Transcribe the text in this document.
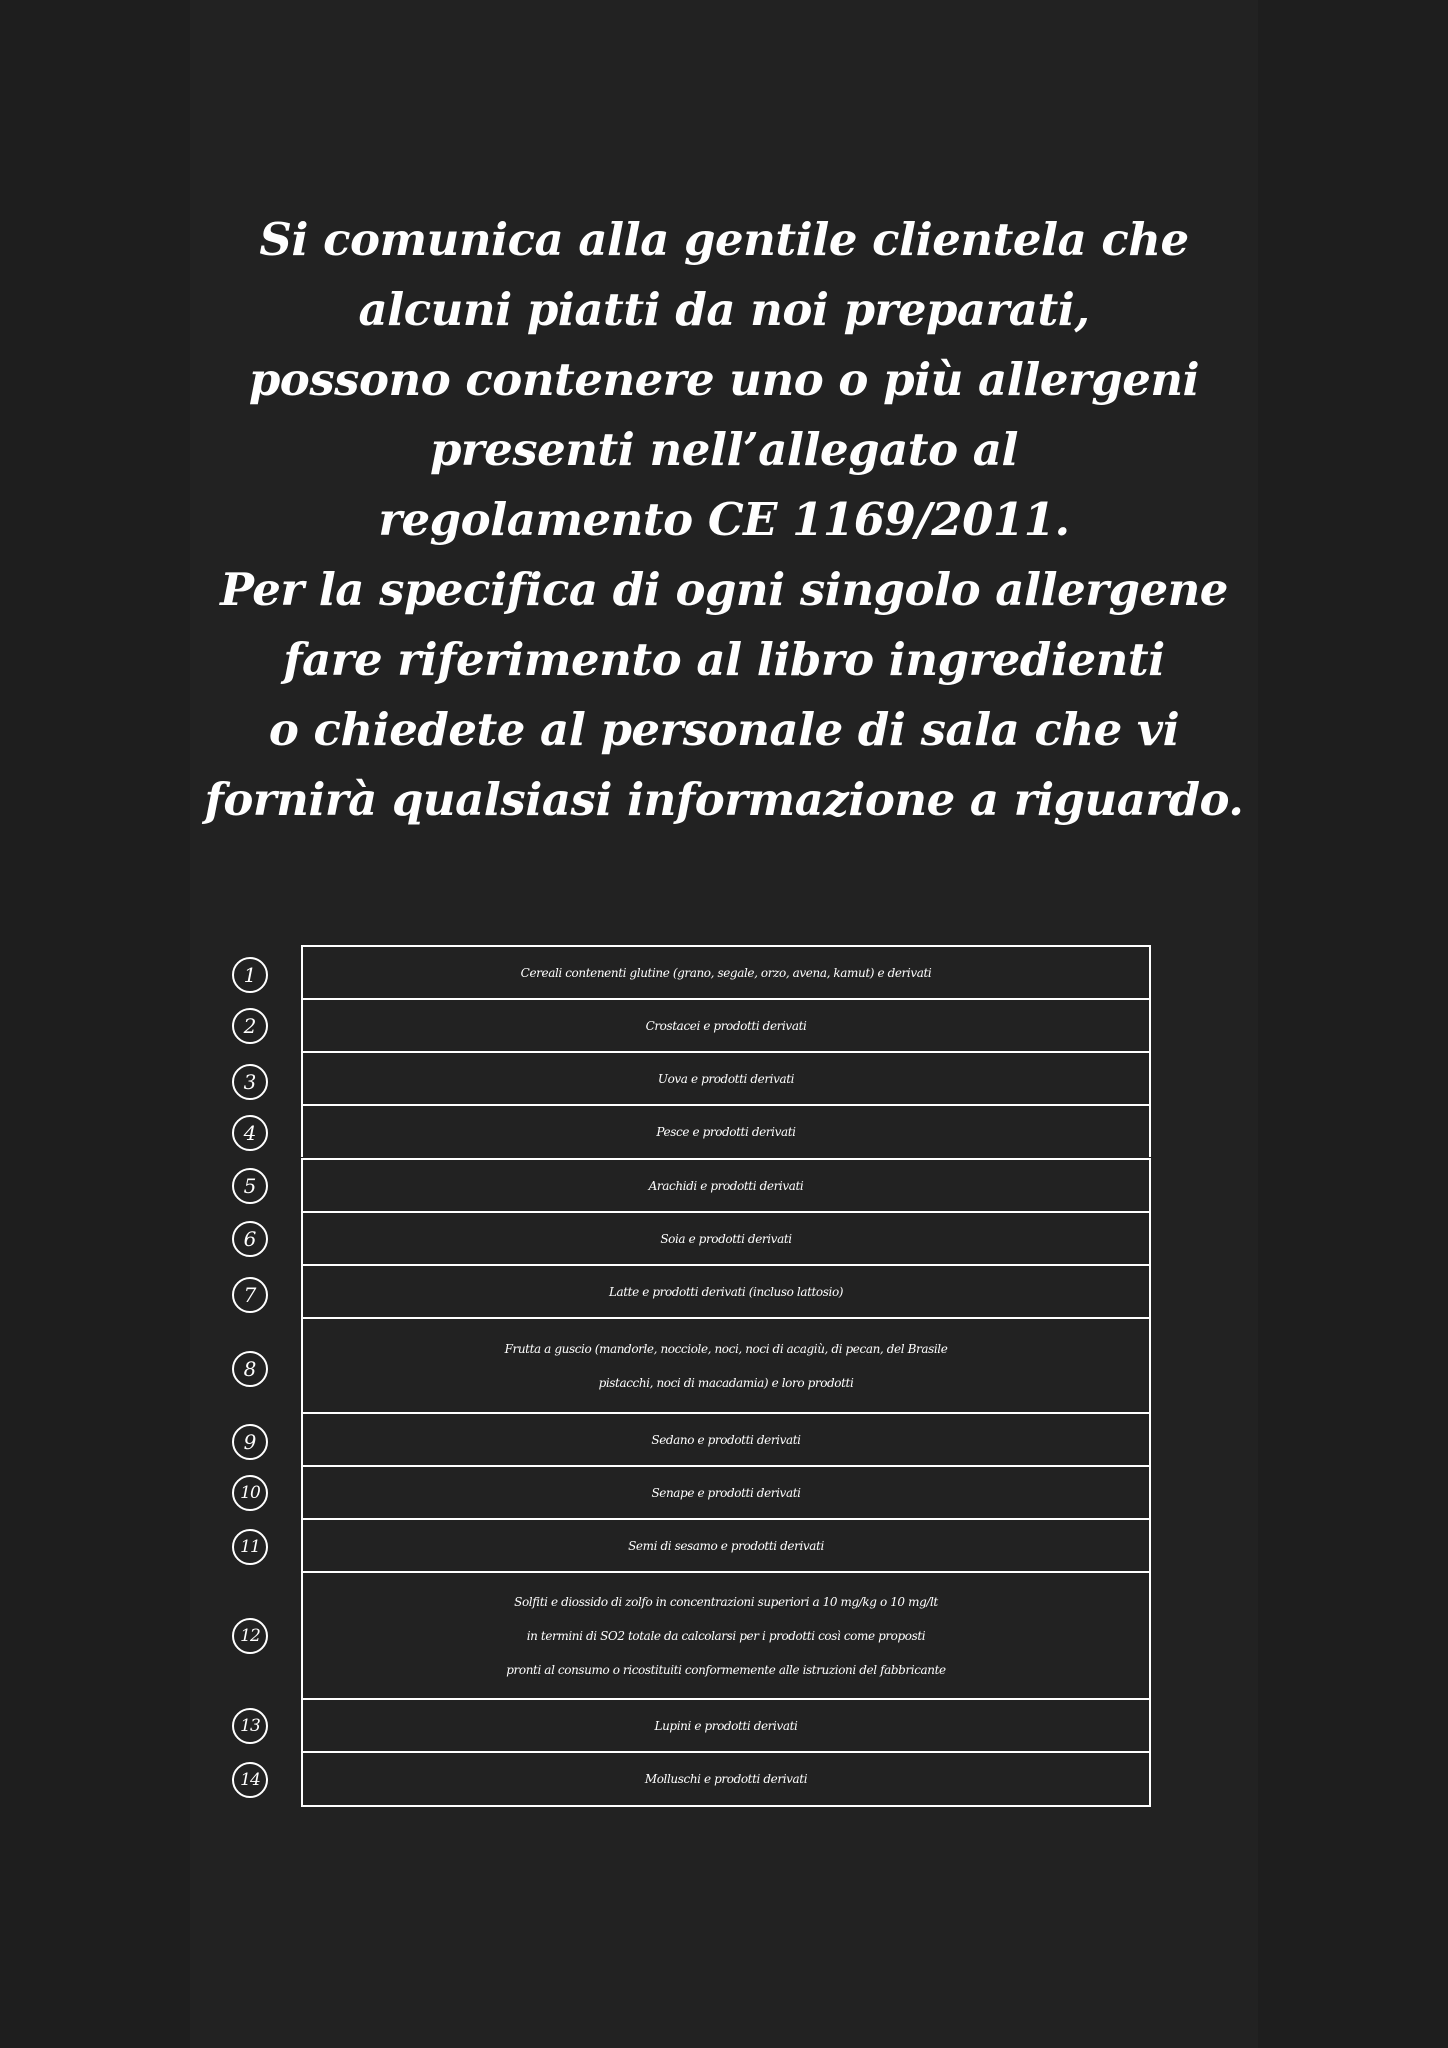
Si comunica alla gentile clientela che
alcuni piatti da noi preparati,
possono contenere uno o più allergeni
presenti nell’allegato al
regolamento CE 1169/2011.
Per la specifica di ogni singolo allergene
fare riferimento al libro ingredienti
o chiedete al personale di sala che vi
fornirà qualsiasi informazione a riguardo.

1	Cereali contenenti glutine (grano, segale, orzo, avena, kamut) e derivati
2	Crostacei e prodotti derivati
3	Uova e prodotti derivati
4	Pesce e prodotti derivati
5	Arachidi e prodotti derivati
6	Soia e prodotti derivati
7	Latte e prodotti derivati (incluso lattosio)
8
Frutta a guscio (mandorle, nocciole, noci, noci di acagiù, di pecan, del Brasile
pistacchi, noci di macadamia) e loro prodotti
9	Sedano e prodotti derivati
10	Senape e prodotti derivati
11	Semi di sesamo e prodotti derivati
12
Solfiti e diossido di zolfo in concentrazioni superiori a 10 mg/kg o 10 mg/lt
in termini di SO2 totale da calcolarsi per i prodotti così come proposti
pronti al consumo o ricostituiti conformemente alle istruzioni del fabbricante
13	Lupini e prodotti derivati
14	Molluschi e prodotti derivati
